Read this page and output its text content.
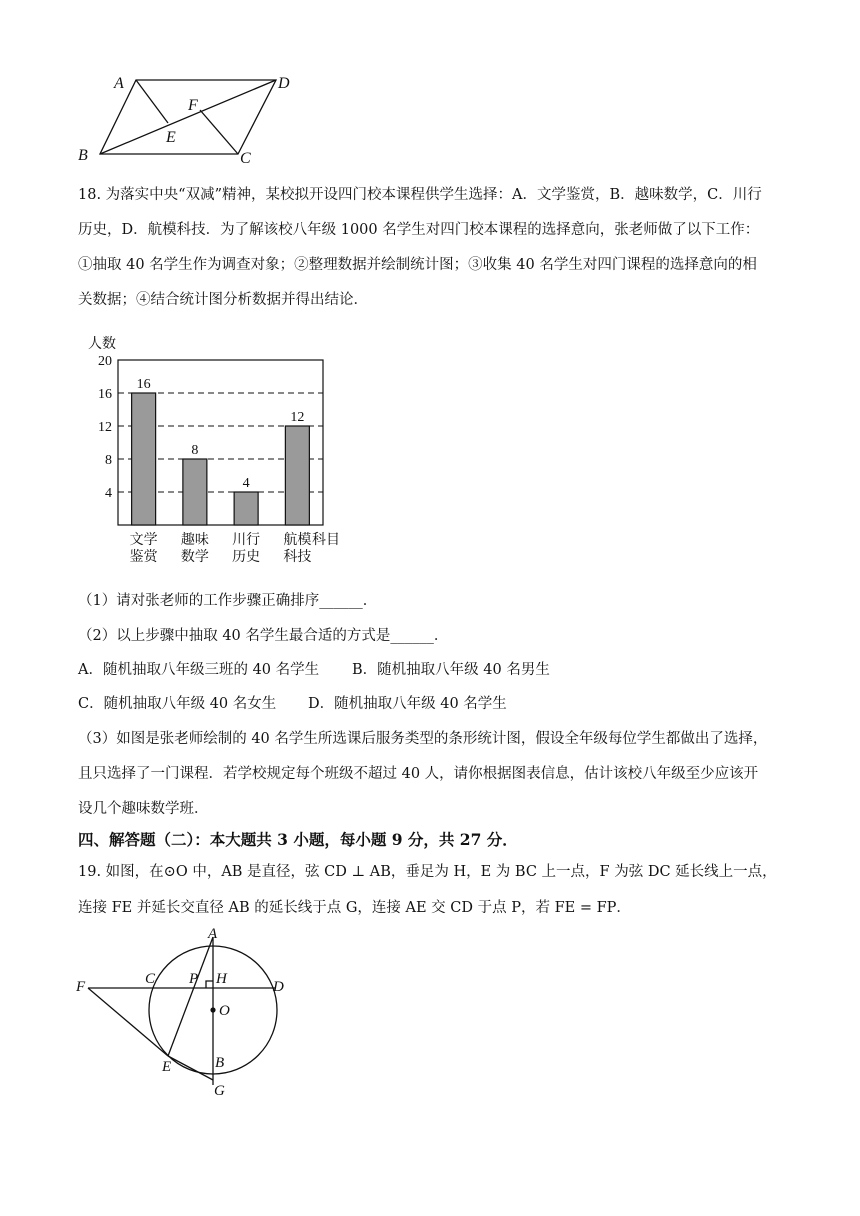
A	D
F
E
B	C
18. 为落实中央“双减”精神，某校拟开设四门校本课程供学生选择：A．文学鉴赏，B．越味数学，C．川行
历史，D．航模科技．为了解该校八年级 1000 名学生对四门校本课程的选择意向，张老师做了以下工作：
①抽取 40 名学生作为调查对象；②整理数据并绘制统计图；③收集 40 名学生对四门课程的选择意向的相
关数据；④结合统计图分析数据并得出结论．
4
8
12
16
20
16
文学
鉴赏
8
趣味
数学
4
川行
历史
12
航模
科技
人数
科目
（1）请对张老师的工作步骤正确排序______．
（2）以上步骤中抽取 40 名学生最合适的方式是______．
A．随机抽取八年级三班的 40 名学生 B．随机抽取八年级 40 名男生
C．随机抽取八年级 40 名女生 D．随机抽取八年级 40 名学生
（3）如图是张老师绘制的 40 名学生所选课后服务类型的条形统计图，假设全年级每位学生都做出了选择，
且只选择了一门课程．若学校规定每个班级不超过 40 人，请你根据图表信息，估计该校八年级至少应该开
设几个趣味数学班．
四、解答题（二）：本大题共 3 小题，每小题 9 分，共 27 分．
19. 如图，在⊙O 中，AB 是直径，弦 CD ⊥ AB，垂足为 H，E 为 BC 上一点，F 为弦 DC 延长线上一点，
连接 FE 并延长交直径 AB 的延长线于点 G，连接 AE 交 CD 于点 P，若 FE = FP．
A
F	C P H	D
O
E	B
G
